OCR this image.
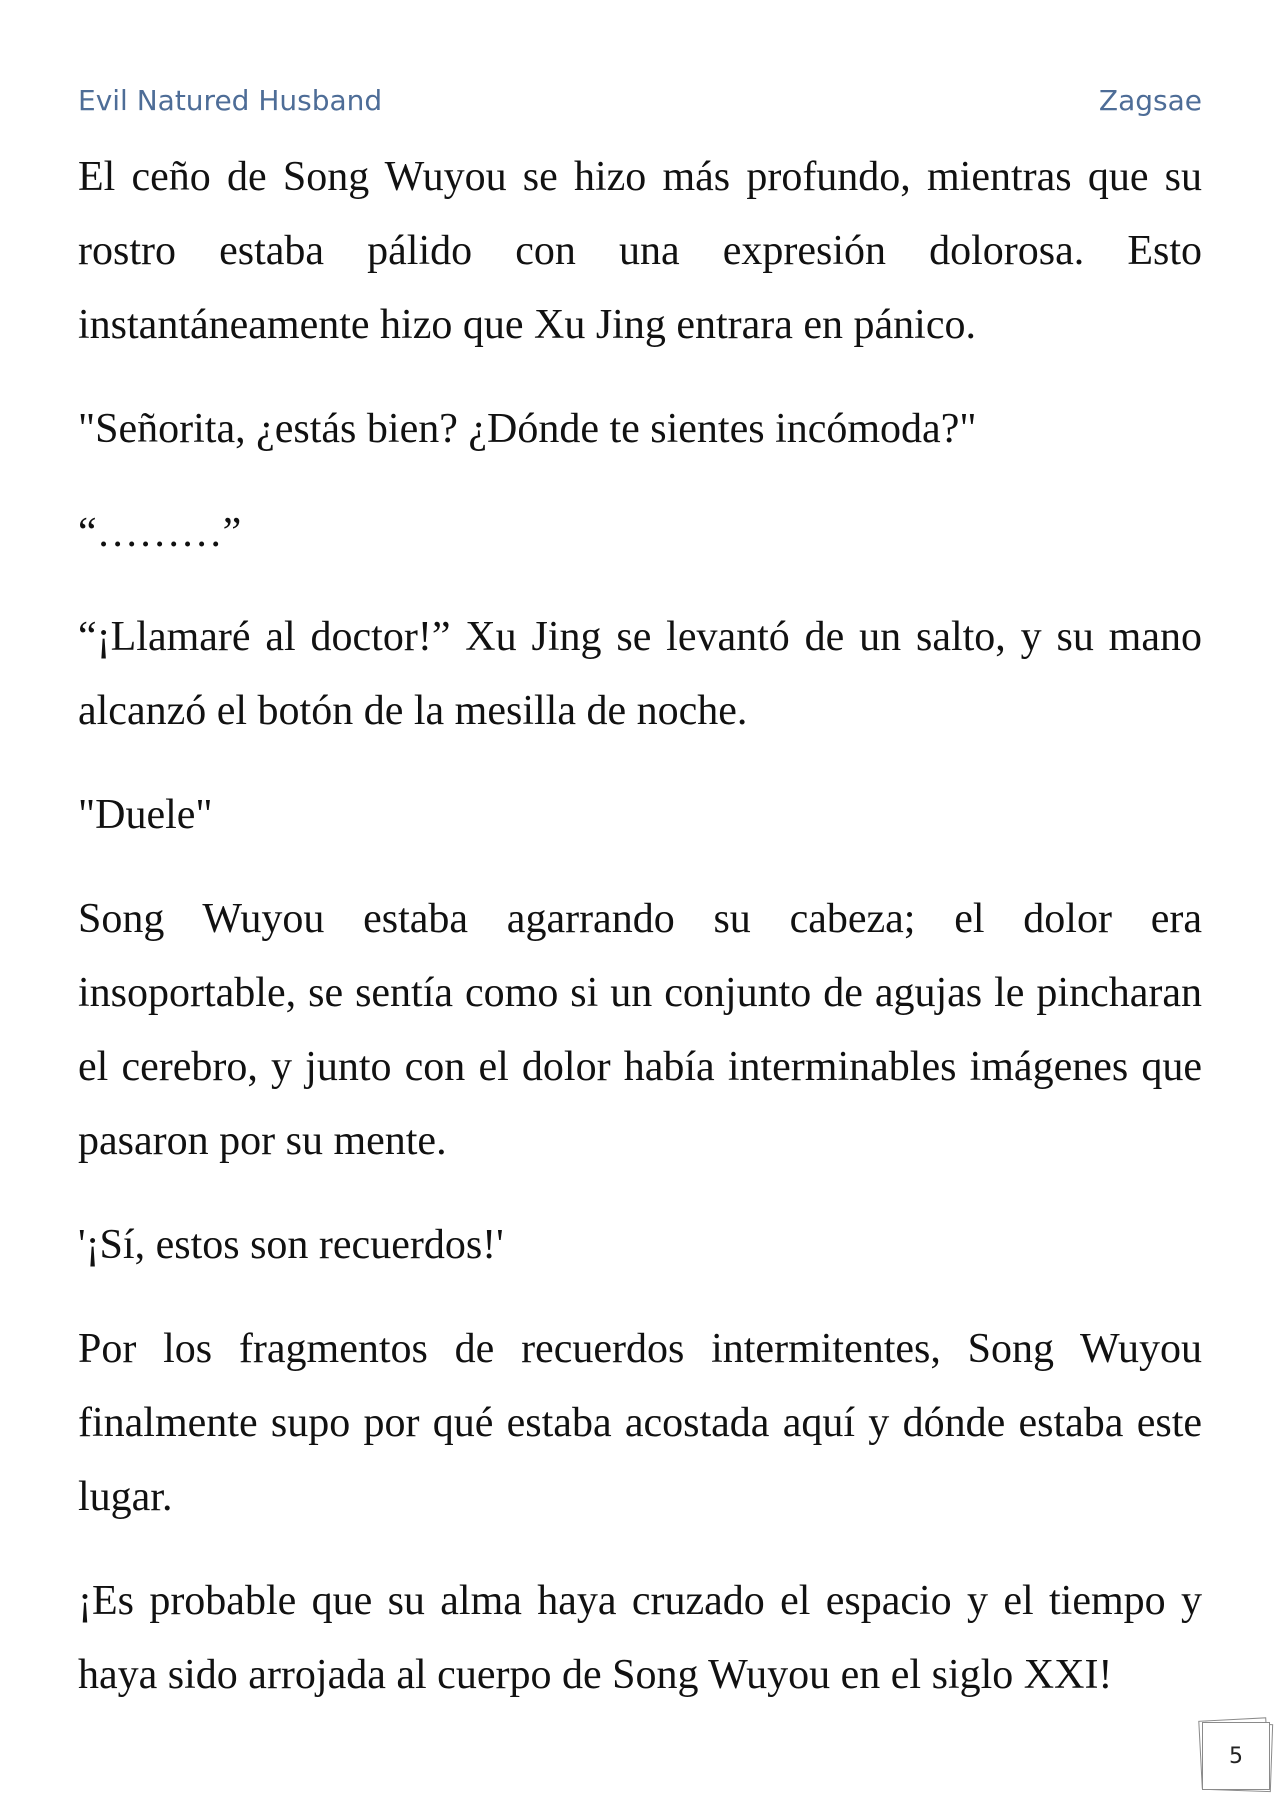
Evil Natured Husband	Zagsae

El ceño de Song Wuyou se hizo más profundo, mientras que su rostro estaba pálido con una expresión dolorosa. Esto instantáneamente hizo que Xu Jing entrara en pánico.

"Señorita, ¿estás bien? ¿Dónde te sientes incómoda?"

“………”

“¡Llamaré al doctor!” Xu Jing se levantó de un salto, y su mano alcanzó el botón de la mesilla de noche.

"Duele"

Song Wuyou estaba agarrando su cabeza; el dolor era insoportable, se sentía como si un conjunto de agujas le pincharan el cerebro, y junto con el dolor había interminables imágenes que pasaron por su mente.

'¡Sí, estos son recuerdos!'

Por los fragmentos de recuerdos intermitentes, Song Wuyou finalmente supo por qué estaba acostada aquí y dónde estaba este lugar.

¡Es probable que su alma haya cruzado el espacio y el tiempo y haya sido arrojada al cuerpo de Song Wuyou en el siglo XXI!

5
